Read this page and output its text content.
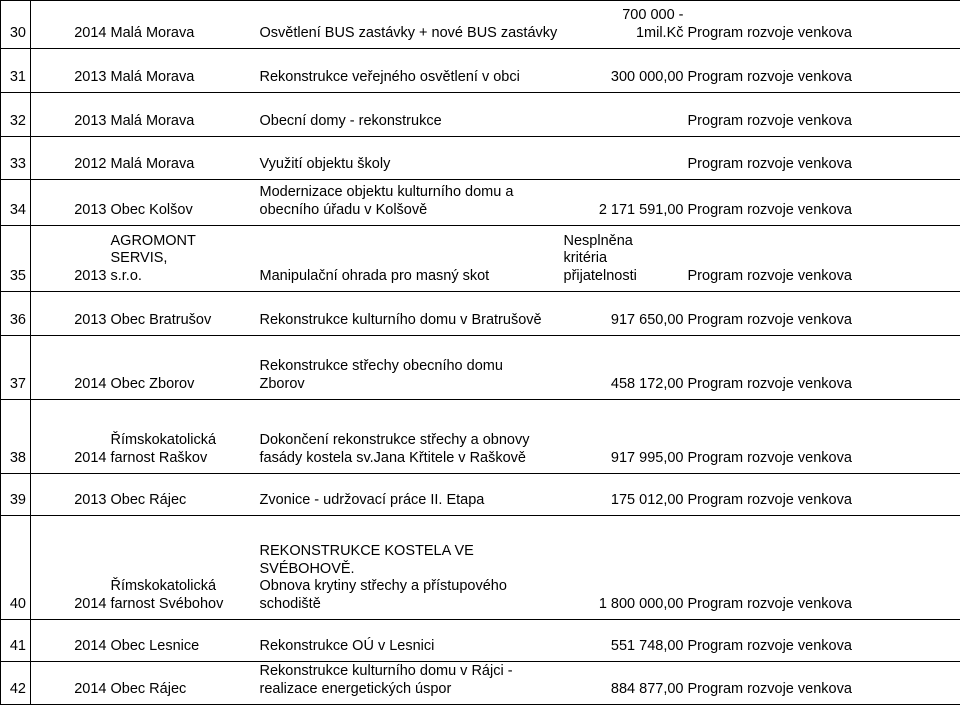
30	2014	Malá Morava	Osvětlení BUS zastávky + nové BUS zastávky	700 000 -
1mil.Kč	Program rozvoje venkova
31	2013	Malá Morava	Rekonstrukce veřejného osvětlení v obci	300 000,00	Program rozvoje venkova
32	2013	Malá Morava	Obecní domy - rekonstrukce		Program rozvoje venkova
33	2012	Malá Morava	Využití objektu školy		Program rozvoje venkova
34	2013	Obec Kolšov	Modernizace objektu kulturního domu a
obecního úřadu v Kolšově	2 171 591,00	Program rozvoje venkova
35	2013	AGROMONT SERVIS,
s.r.o.	Manipulační ohrada pro masný skot	Nesplněna
kritéria
přijatelnosti	Program rozvoje venkova
36	2013	Obec Bratrušov	Rekonstrukce kulturního domu v Bratrušově	917 650,00	Program rozvoje venkova
37	2014	Obec Zborov	Rekonstrukce střechy obecního domu
Zborov	458 172,00	Program rozvoje venkova
38	2014	Římskokatolická
farnost Raškov	Dokončení rekonstrukce střechy a obnovy
fasády kostela sv.Jana Křtitele v Raškově	917 995,00	Program rozvoje venkova
39	2013	Obec Rájec	Zvonice - udržovací práce II. Etapa	175 012,00	Program rozvoje venkova
40	2014	Římskokatolická
farnost Svébohov	REKONSTRUKCE KOSTELA VE SVÉBOHOVĚ.
Obnova krytiny střechy a přístupového
schodiště	1 800 000,00	Program rozvoje venkova
41	2014	Obec Lesnice	Rekonstrukce OÚ v Lesnici	551 748,00	Program rozvoje venkova
42	2014	Obec Rájec	Rekonstrukce kulturního domu v Rájci -
realizace energetických úspor	884 877,00	Program rozvoje venkova
